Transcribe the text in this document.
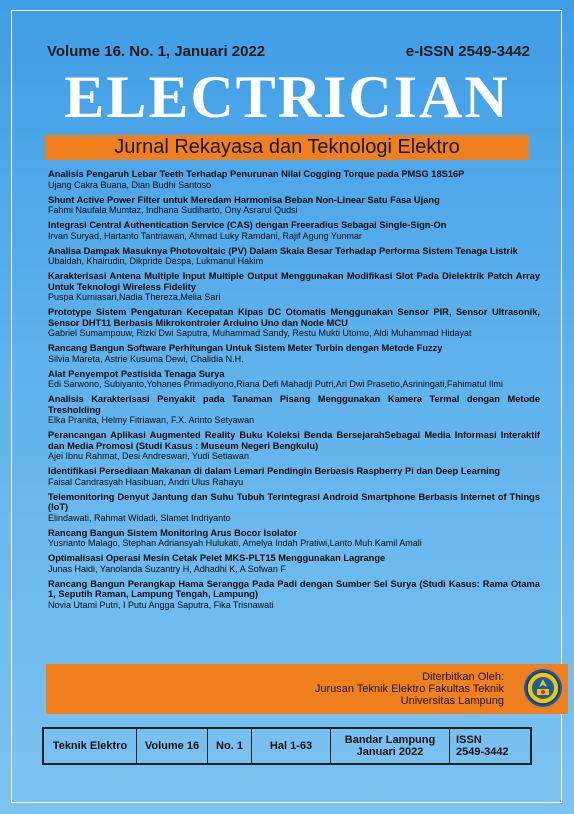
Volume 16. No. 1, Januari 2022	e-ISSN 2549-3442
ELECTRICIAN
Jurnal Rekayasa dan Teknologi Elektro
Analisis Pengaruh Lebar Teeth Terhadap Penurunan Nilai Cogging Torque pada PMSG 18S16P
Ujang Cakra Buana, Dian Budhi Santoso
Shunt Active Power Filter untuk Meredam Harmonisa Beban Non-Linear Satu Fasa Ujang
Fahmi Naufala Mumtaz, Indhana Sudiharto, Ony Asrarul Qudsi
Integrasi Central Authentication Service (CAS) dengan Freeradius Sebagai Single-Sign-On
Irvan Suryad, Hartanto Tantriawan, Ahmad Luky Ramdani, Rajif Agung Yunmar
Analisa Dampak Masuknya Photovoltaic (PV) Dalam Skala Besar Terhadap Performa Sistem Tenaga Listrik
Ubaidah, Khairudin, Dikpride Despa, Lukmanul Hakim
Karakterisasi Antena Multiple Input Multiple Output Menggunakan Modifikasi Slot Pada Dielektrik Patch Array Untuk Teknologi Wireless Fidelity
Puspa Kurniasari,Nadia Thereza,Melia Sari
Prototype Sistem Pengaturan Kecepatan Kipas DC Otomatis Menggunakan Sensor PIR, Sensor Ultrasonik, Sensor DHT11 Berbasis Mikrokontroler Arduino Uno dan Node MCU
Gabriel Sumampouw, Rizki Dwi Saputra, Muhammad Sandy, Restu Mukti Utomo, Aldi Muhammad Hidayat
Rancang Bangun Software Perhitungan Untuk Sistem Meter Turbin dengan Metode Fuzzy
Silvia Mareta, Astrie Kusuma Dewi, Chalidia N.H.
Alat Penyempot Pestisida Tenaga Surya
Edi Sarwono, Subiyanto,Yohanes Primadiyono,Riana Defi Mahadji Putri,Ari Dwi Prasetio,Asriningati,Fahimatul Ilmi
Analisis Karakterisasi Penyakit pada Tanaman Pisang Menggunakan Kamera Termal dengan Metode Tresholding
Elka Pranita, Helmy Fitriawan, F.X. Arinto Setyawan
Perancangan Aplikasi Augmented Reality Buku Koleksi Benda BersejarahSebagai Media Informasi Interaktif dan Media Promosi (Studi Kasus : Museum Negeri Bengkulu)
Ajei Ibnu Rahmat, Desi Andreswari, Yudi Setiawan
Identifikasi Persediaan Makanan di dalam Lemari Pendingin Berbasis Raspberry Pi dan Deep Learning
Faisal Candrasyah Hasibuan, Andri Ulus Rahayu
Telemonitoring Denyut Jantung dan Suhu Tubuh Terintegrasi Android Smartphone Berbasis Internet of Things (IoT)
Elindawati, Rahmat Widadi, Slamet Indriyanto
Rancang Bangun Sistem Monitoring Arus Bocor Isolator
Yusrianto Malago, Stephan Adriansyah Hulukati, Amelya Indah Pratiwi,Lanto Muh.Kamil Amali
Optimalisasi Operasi Mesin Cetak Pelet MKS-PLT15 Menggunakan Lagrange
Junas Haidi, Yanolanda Suzantry H, Adhadhi K, A Sofwan F
Rancang Bangun Perangkap Hama Serangga Pada Padi dengan Sumber Sel Surya (Studi Kasus: Rama Otama 1, Seputih Raman, Lampung Tengah, Lampung)
Novia Utami Putri, I Putu Angga Saputra, Fika Trisnawati
Diterbitkan Oleh:
Jurusan Teknik Elektro Fakultas Teknik
Universitas Lampung
Teknik Elektro Volume 16 No. 1 Hal 1-63	Bandar Lampung
Januari 2022
ISSN
2549-3442
